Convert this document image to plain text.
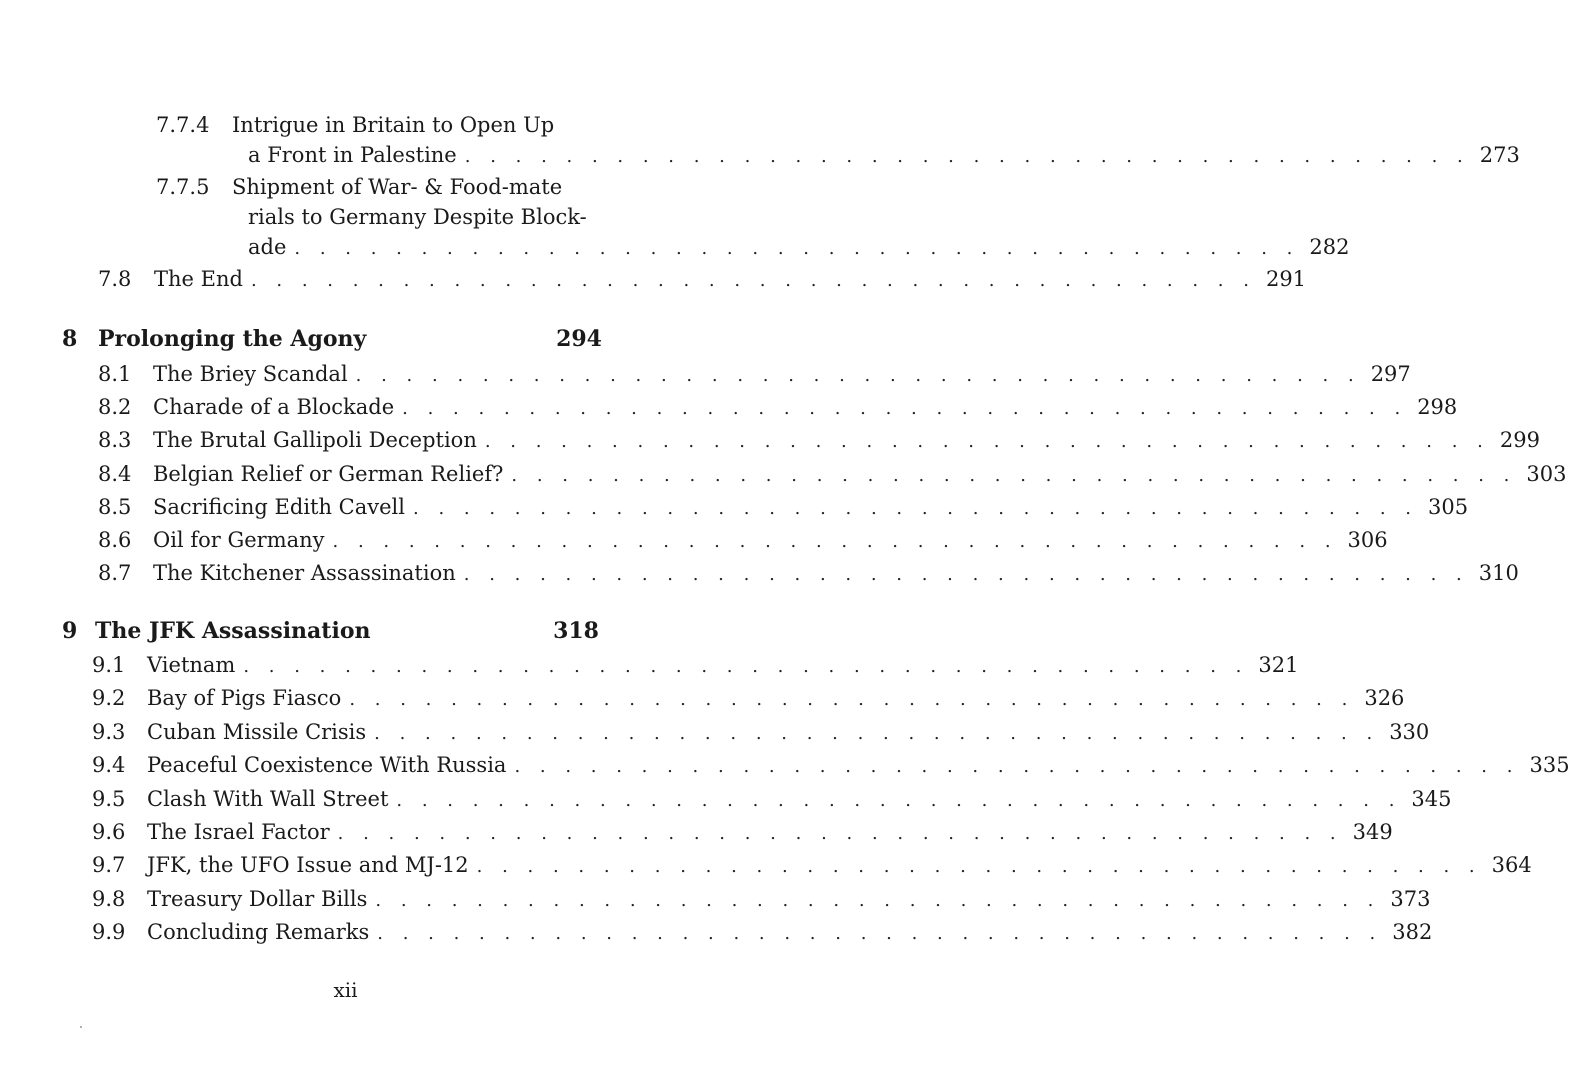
7.7.4 Intrigue in Britain to Open Up
a Front in Palestine . . . . . . . . . . . . . . . . . . . . . . . . . . . . . . . . . . . . . . . . 273
7.7.5 Shipment of War- & Food-mate
rials to Germany Despite Block-
ade . . . . . . . . . . . . . . . . . . . . . . . . . . . . . . . . . . . . . . . . 282
7.8 The End . . . . . . . . . . . . . . . . . . . . . . . . . . . . . . . . . . . . . . . . 291
8 Prolonging the Agony	294
8.1 The Briey Scandal . . . . . . . . . . . . . . . . . . . . . . . . . . . . . . . . . . . . . . . . 297
8.2 Charade of a Blockade . . . . . . . . . . . . . . . . . . . . . . . . . . . . . . . . . . . . . . . . 298
8.3 The Brutal Gallipoli Deception . . . . . . . . . . . . . . . . . . . . . . . . . . . . . . . . . . . . . . . . 299
8.4 Belgian Relief or German Relief? . . . . . . . . . . . . . . . . . . . . . . . . . . . . . . . . . . . . . . . . 303
8.5 Sacrificing Edith Cavell . . . . . . . . . . . . . . . . . . . . . . . . . . . . . . . . . . . . . . . . 305
8.6 Oil for Germany . . . . . . . . . . . . . . . . . . . . . . . . . . . . . . . . . . . . . . . . 306
8.7 The Kitchener Assassination . . . . . . . . . . . . . . . . . . . . . . . . . . . . . . . . . . . . . . . . 310
9 The JFK Assassination	318
9.1 Vietnam . . . . . . . . . . . . . . . . . . . . . . . . . . . . . . . . . . . . . . . . 321
9.2 Bay of Pigs Fiasco . . . . . . . . . . . . . . . . . . . . . . . . . . . . . . . . . . . . . . . . 326
9.3 Cuban Missile Crisis . . . . . . . . . . . . . . . . . . . . . . . . . . . . . . . . . . . . . . . . 330
9.4 Peaceful Coexistence With Russia . . . . . . . . . . . . . . . . . . . . . . . . . . . . . . . . . . . . . . . . 335
9.5 Clash With Wall Street . . . . . . . . . . . . . . . . . . . . . . . . . . . . . . . . . . . . . . . . 345
9.6 The Israel Factor . . . . . . . . . . . . . . . . . . . . . . . . . . . . . . . . . . . . . . . . 349
9.7 JFK, the UFO Issue and MJ-12 . . . . . . . . . . . . . . . . . . . . . . . . . . . . . . . . . . . . . . . . 364
9.8 Treasury Dollar Bills . . . . . . . . . . . . . . . . . . . . . . . . . . . . . . . . . . . . . . . . 373
9.9 Concluding Remarks . . . . . . . . . . . . . . . . . . . . . . . . . . . . . . . . . . . . . . . . 382
xii
